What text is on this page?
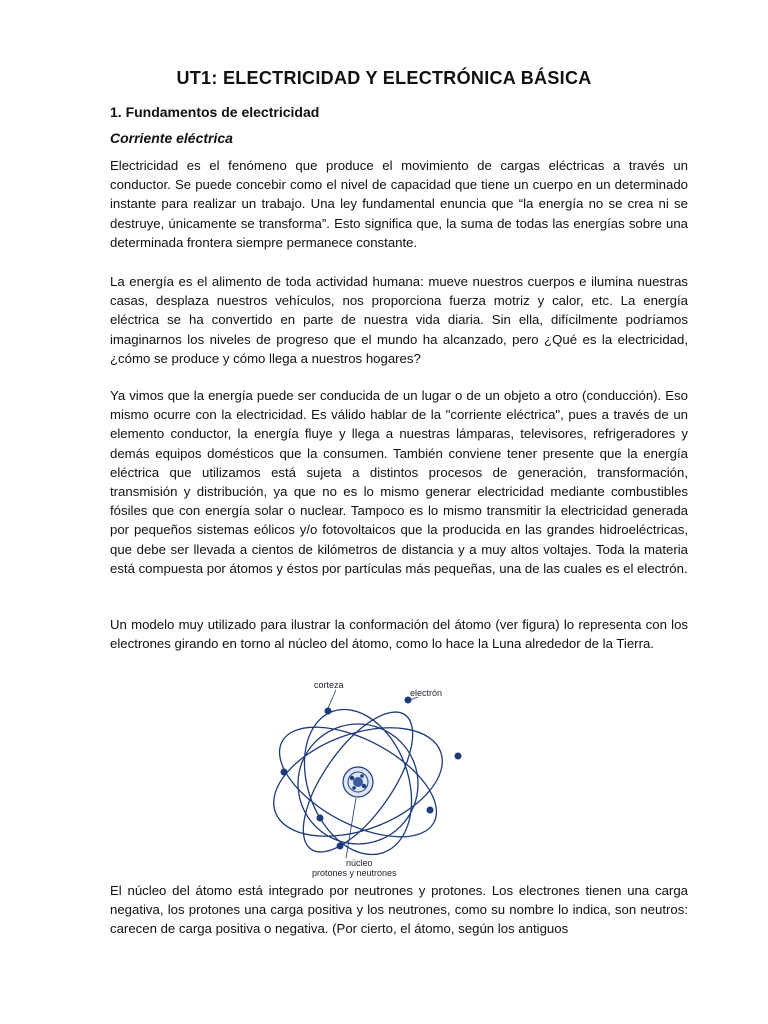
UT1: ELECTRICIDAD Y ELECTRÓNICA BÁSICA
1. Fundamentos de electricidad
Corriente eléctrica

Electricidad es el fenómeno que produce el movimiento de cargas eléctricas a través un conductor. Se puede concebir como el nivel de capacidad que tiene un cuerpo en un determinado instante para realizar un trabajo. Una ley fundamental enuncia que “la energía no se crea ni se destruye, únicamente se transforma”. Esto significa que, la suma de todas las energías sobre una determinada frontera siempre permanece constante.

La energía es el alimento de toda actividad humana: mueve nuestros cuerpos e ilumina nuestras casas, desplaza nuestros vehículos, nos proporciona fuerza motriz y calor, etc. La energía eléctrica se ha convertido en parte de nuestra vida diaria. Sin ella, difícilmente podríamos imaginarnos los niveles de progreso que el mundo ha alcanzado, pero ¿Qué es la electricidad, ¿cómo se produce y cómo llega a nuestros hogares?

Ya vimos que la energía puede ser conducida de un lugar o de un objeto a otro (conducción). Eso mismo ocurre con la electricidad. Es válido hablar de la "corriente eléctrica", pues a través de un elemento conductor, la energía fluye y llega a nuestras lámparas, televisores, refrigeradores y demás equipos domésticos que la consumen. También conviene tener presente que la energía eléctrica que utilizamos está sujeta a distintos procesos de generación, transformación, transmisión y distribución, ya que no es lo mismo generar electricidad mediante combustibles fósiles que con energía solar o nuclear. Tampoco es lo mismo transmitir la electricidad generada por pequeños sistemas eólicos y/o fotovoltaicos que la producida en las grandes hidroeléctricas, que debe ser llevada a cientos de kilómetros de distancia y a muy altos voltajes. Toda la materia está compuesta por átomos y éstos por partículas más pequeñas, una de las cuales es el electrón.

Un modelo muy utilizado para ilustrar la conformación del átomo (ver figura) lo representa con los electrones girando en torno al núcleo del átomo, como lo hace la Luna alrededor de la Tierra.

corteza
electrón
núcleo
protones y neutrones

El núcleo del átomo está integrado por neutrones y protones. Los electrones tienen una carga negativa, los protones una carga positiva y los neutrones, como su nombre lo indica, son neutros: carecen de carga positiva o negativa. (Por cierto, el átomo, según los antiguos
